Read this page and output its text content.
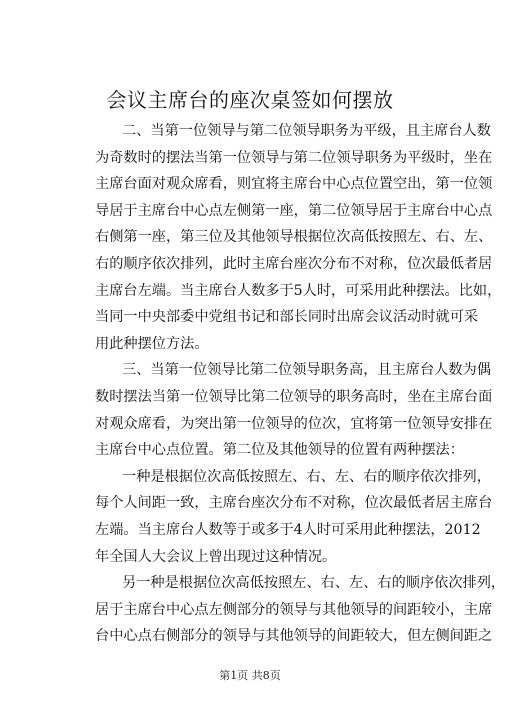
会议主席台的座次桌签如何摆放
二、当第一位领导与第二位领导职务为平级，且主席台人数
为奇数时的摆法当第一位领导与第二位领导职务为平级时，坐在
主席台面对观众席看，则宜将主席台中心点位置空出，第一位领
导居于主席台中心点左侧第一座，第二位领导居于主席台中心点
右侧第一座，第三位及其他领导根据位次高低按照左、右、左、
右的顺序依次排列，此时主席台座次分布不对称，位次最低者居
主席台左端。当主席台人数多于5人时，可采用此种摆法。比如，
当同一中央部委中党组书记和部长同时出席会议活动时就可采
用此种摆位方法。
三、当第一位领导比第二位领导职务高，且主席台人数为偶
数时摆法当第一位领导比第二位领导的职务高时，坐在主席台面
对观众席看，为突出第一位领导的位次，宜将第一位领导安排在
主席台中心点位置。第二位及其他领导的位置有两种摆法：
一种是根据位次高低按照左、右、左、右的顺序依次排列，
每个人间距一致，主席台座次分布不对称，位次最低者居主席台
左端。当主席台人数等于或多于4人时可采用此种摆法，2012
年全国人大会议上曾出现过这种情况。
另一种是根据位次高低按照左、右、左、右的顺序依次排列，
居于主席台中心点左侧部分的领导与其他领导的间距较小，主席
台中心点右侧部分的领导与其他领导的间距较大，但左侧间距之
第1页 共8页
